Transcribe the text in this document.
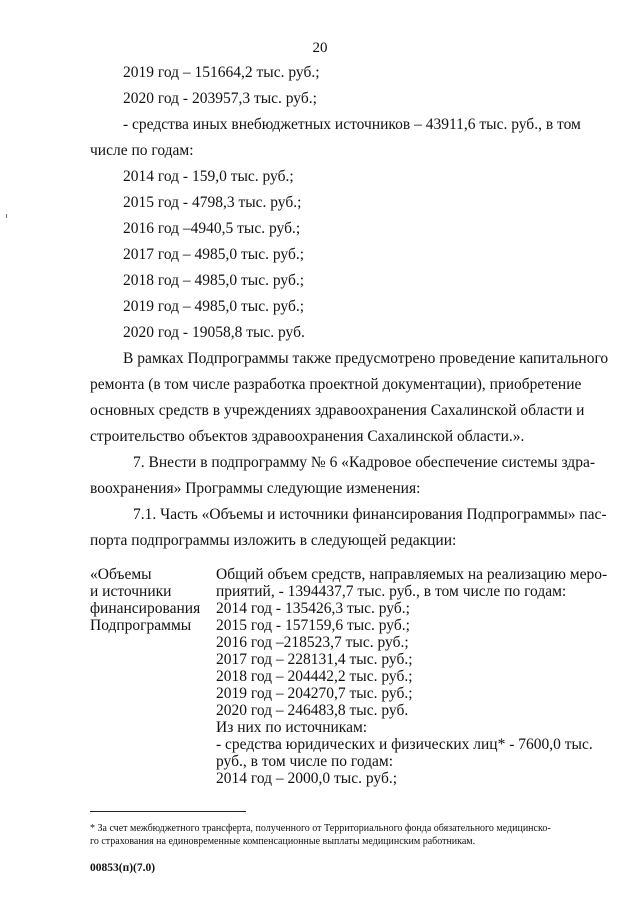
20
2019 год – 151664,2 тыс. руб.;
2020 год - 203957,3 тыс. руб.;
- средства иных внебюджетных источников – 43911,6 тыс. руб., в том
числе по годам:
2014 год - 159,0 тыс. руб.;
2015 год - 4798,3 тыс. руб.;
2016 год –4940,5 тыс. руб.;
2017 год – 4985,0 тыс. руб.;
2018 год – 4985,0 тыс. руб.;
2019 год – 4985,0 тыс. руб.;
2020 год - 19058,8 тыс. руб.
В рамках Подпрограммы также предусмотрено проведение капитального
ремонта (в том числе разработка проектной документации), приобретение
основных средств в учреждениях здравоохранения Сахалинской области и
строительство объектов здравоохранения Сахалинской области.».
7. Внести в подпрограмму № 6 «Кадровое обеспечение системы здра-
воохранения» Программы следующие изменения:
7.1. Часть «Объемы и источники финансирования Подпрограммы» пас-
порта подпрограммы изложить в следующей редакции:
«Объемы
и источники
финансирования
Подпрограммы
Общий объем средств, направляемых на реализацию меро-
приятий, - 1394437,7 тыс. руб., в том числе по годам:
2014 год - 135426,3 тыс. руб.;
2015 год - 157159,6 тыс. руб.;
2016 год –218523,7 тыс. руб.;
2017 год – 228131,4 тыс. руб.;
2018 год – 204442,2 тыс. руб.;
2019 год – 204270,7 тыс. руб.;
2020 год – 246483,8 тыс. руб.
Из них по источникам:
- средства юридических и физических лиц* - 7600,0 тыс.
руб., в том числе по годам:
2014 год – 2000,0 тыс. руб.;
* За счет межбюджетного трансферта, полученного от Территориального фонда обязательного медицинско-
го страхования на единовременные компенсационные выплаты медицинским работникам.
00853(п)(7.0)
